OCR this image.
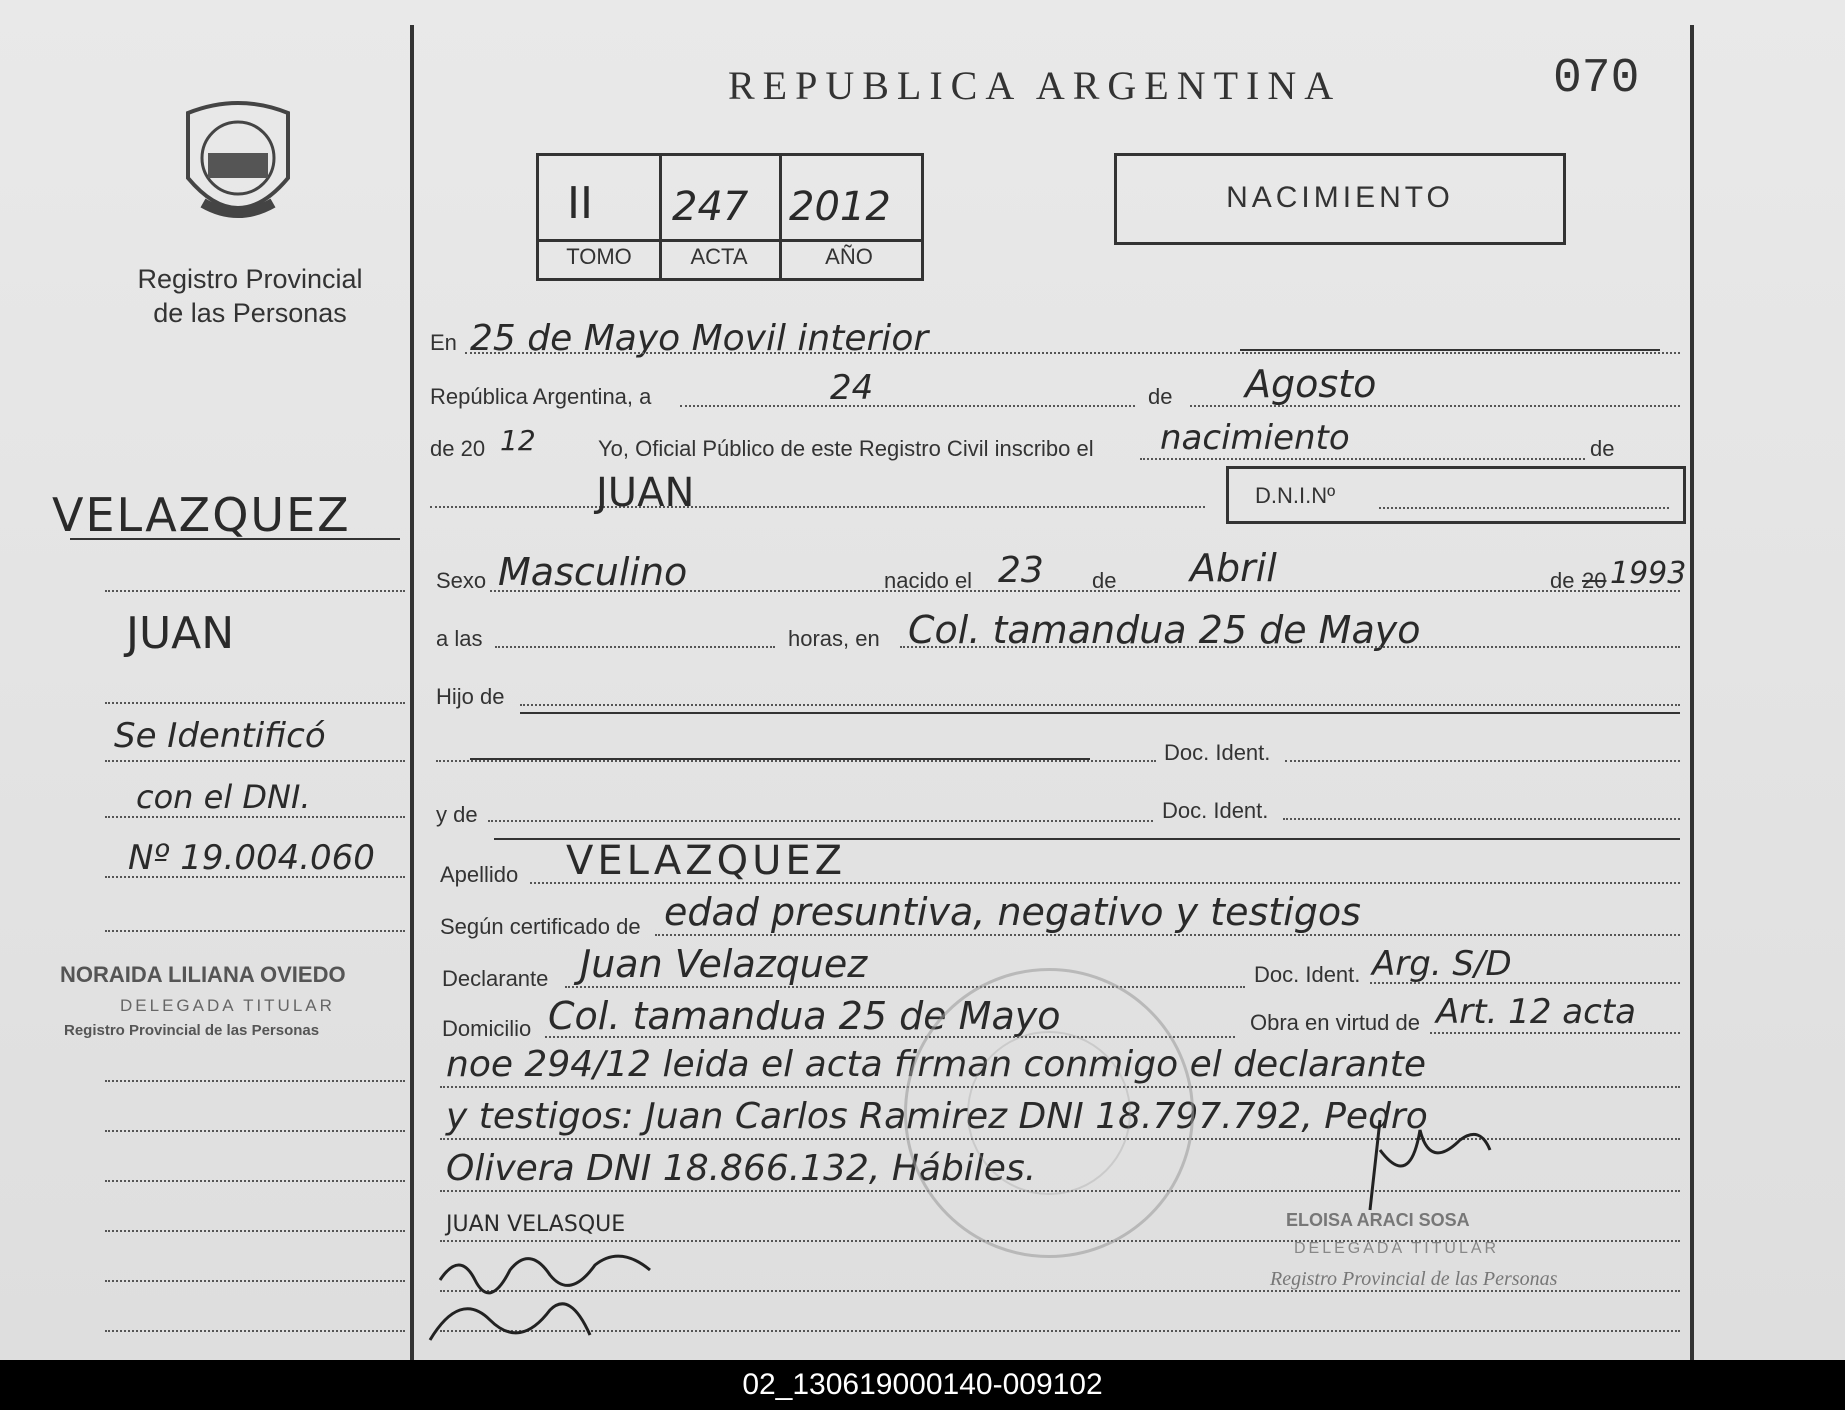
Registro Provincial
de las Personas
REPUBLICA ARGENTINA	070
II 247 2012
TOMO	ACTA	AÑO
NACIMIENTO
En 25 de Mayo Movil interior
República Argentina, a	24	de Agosto
de 20 12	Yo, Oficial Público de este Registro Civil inscribo el nacimiento	de
JUAN	D.N.I.Nº
Sexo Masculino	nacido el 23 de Abril	de 20 1993
a las	horas, en Col. tamandua 25 de Mayo
Hijo de
Doc. Ident.
y de	Doc. Ident.
Apellido VELAZQUEZ
Según certificado de edad presuntiva, negativo y testigos
Declarante Juan Velazquez	Doc. Ident. Arg. S/D
Domicilio Col. tamandua 25 de Mayo	Obra en virtud de Art. 12 acta
noe 294/12 leida el acta firman conmigo el declarante
y testigos: Juan Carlos Ramirez DNI 18.797.792, Pedro
Olivera DNI 18.866.132, Hábiles.
JUAN VELASQUE	ELOISA ARACI SOSA
DELEGADA TITULAR
Registro Provincial de las Personas
VELAZQUEZ
JUAN
Se Identificó
con el DNI.
Nº 19.004.060
NORAIDA LILIANA OVIEDO
DELEGADA TITULAR
Registro Provincial de las Personas
02_130619000140-009102
